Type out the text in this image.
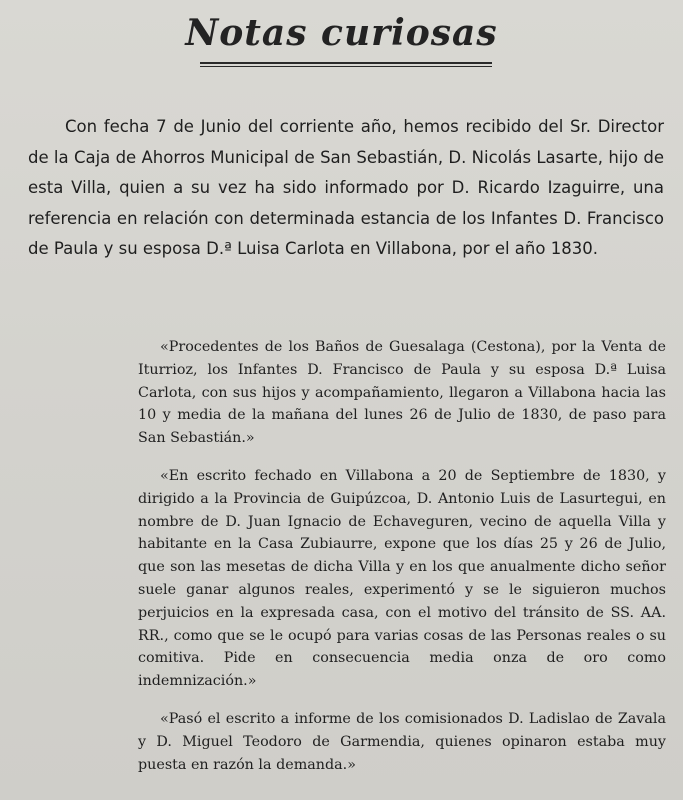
Notas curiosas

Con fecha 7 de Junio del corriente año, hemos recibido del Sr. Director de la Caja de Ahorros Municipal de San Sebastián, D. Nicolás Lasarte, hijo de esta Villa, quien a su vez ha sido informado por D. Ricardo Izaguirre, una referencia en relación con determinada estancia de los Infantes D. Francisco de Paula y su esposa D.ª Luisa Carlota en Villabona, por el año 1830.

«Procedentes de los Baños de Guesalaga (Cestona), por la Venta de Iturrioz, los Infantes D. Francisco de Paula y su esposa D.ª Luisa Carlota, con sus hijos y acompañamiento, llegaron a Villabona hacia las 10 y media de la mañana del lunes 26 de Julio de 1830, de paso para San Sebastián.»

«En escrito fechado en Villabona a 20 de Septiembre de 1830, y dirigido a la Provincia de Guipúzcoa, D. Antonio Luis de Lasurtegui, en nombre de D. Juan Ignacio de Echaveguren, vecino de aquella Villa y habitante en la Casa Zubiaurre, expone que los días 25 y 26 de Julio, que son las mesetas de dicha Villa y en los que anualmente dicho señor suele ganar algunos reales, experimentó y se le siguieron muchos perjuicios en la expresada casa, con el motivo del tránsito de SS. AA. RR., como que se le ocupó para varias cosas de las Personas reales o su comitiva. Pide en consecuencia media onza de oro como indemnización.»

«Pasó el escrito a informe de los comisionados D. Ladislao de Zavala y D. Miguel Teodoro de Garmendia, quienes opinaron estaba muy puesta en razón la demanda.»
